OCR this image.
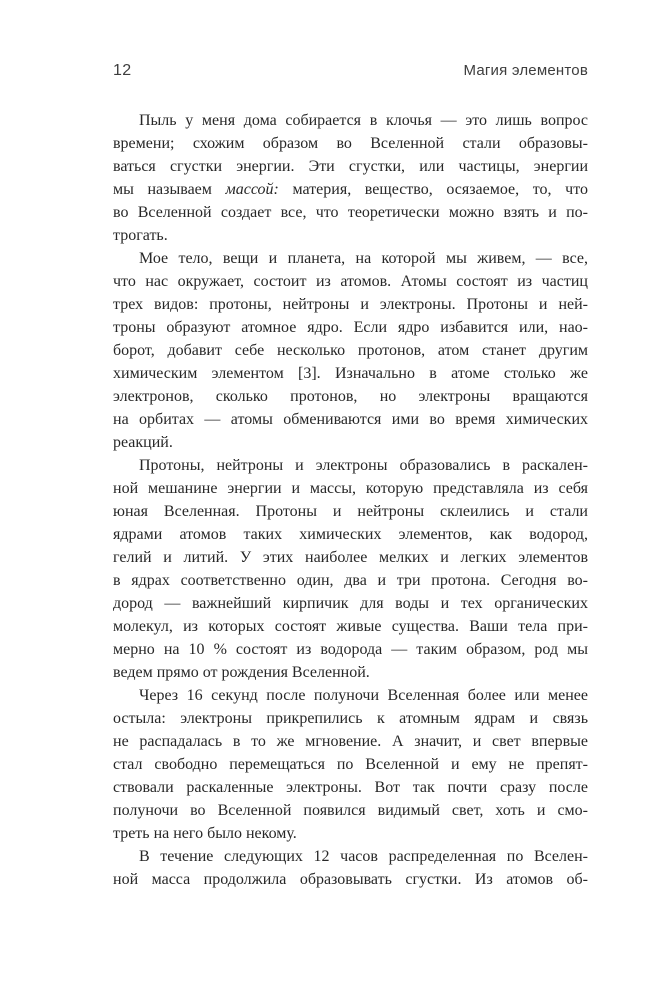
12	Магия элементов
Пыль у меня дома собирается в клочья — это лишь вопрос
времени; схожим образом во Вселенной стали образовы-
ваться сгустки энергии. Эти сгустки, или частицы, энергии
мы называем массой: материя, вещество, осязаемое, то, что
во Вселенной создает все, что теоретически можно взять и по-
трогать.
Мое тело, вещи и планета, на которой мы живем, — все,
что нас окружает, состоит из атомов. Атомы состоят из частиц
трех видов: протоны, нейтроны и электроны. Протоны и ней-
троны образуют атомное ядро. Если ядро избавится или, нао-
борот, добавит себе несколько протонов, атом станет другим
химическим элементом [3]. Изначально в атоме столько же
электронов, сколько протонов, но электроны вращаются
на орбитах — атомы обмениваются ими во время химических
реакций.
Протоны, нейтроны и электроны образовались в раскален-
ной мешанине энергии и массы, которую представляла из себя
юная Вселенная. Протоны и нейтроны склеились и стали
ядрами атомов таких химических элементов, как водород,
гелий и литий. У этих наиболее мелких и легких элементов
в ядрах соответственно один, два и три протона. Сегодня во-
дород — важнейший кирпичик для воды и тех органических
молекул, из которых состоят живые существа. Ваши тела при-
мерно на 10 % состоят из водорода — таким образом, род мы
ведем прямо от рождения Вселенной.
Через 16 секунд после полуночи Вселенная более или менее
остыла: электроны прикрепились к атомным ядрам и связь
не распадалась в то же мгновение. А значит, и свет впервые
стал свободно перемещаться по Вселенной и ему не препят-
ствовали раскаленные электроны. Вот так почти сразу после
полуночи во Вселенной появился видимый свет, хоть и смо-
треть на него было некому.
В течение следующих 12 часов распределенная по Вселен-
ной масса продолжила образовывать сгустки. Из атомов об-
